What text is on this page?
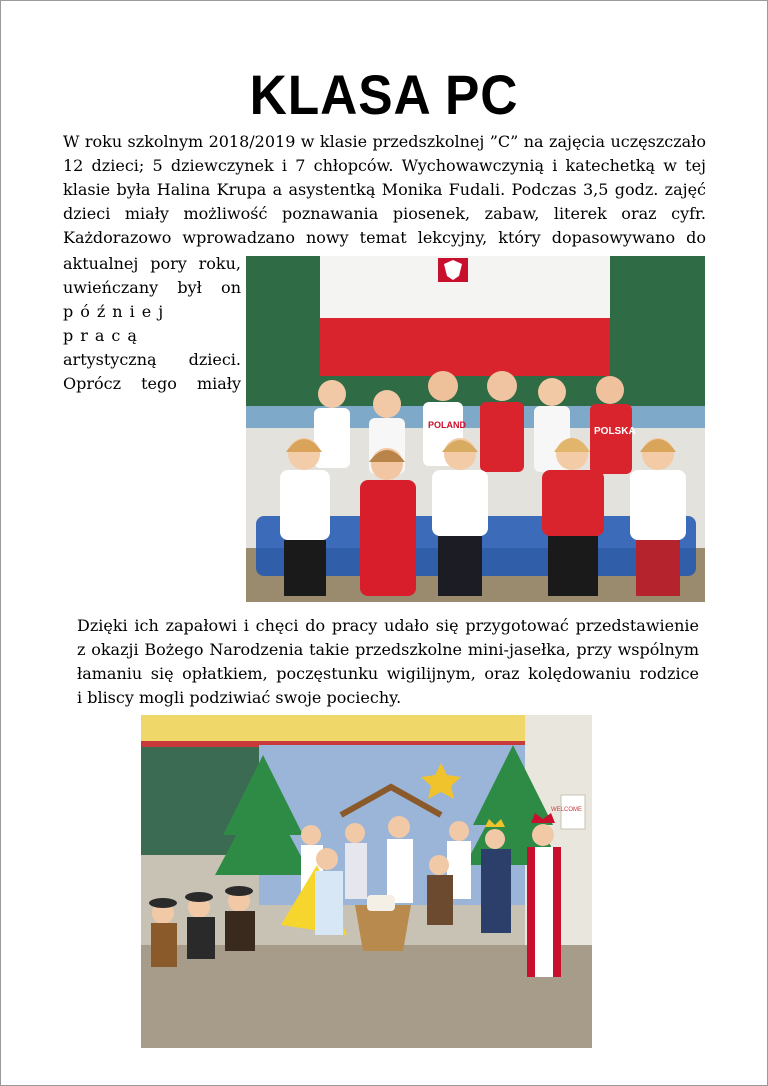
KLASA PC
W roku szkolnym 2018/2019 w klasie przedszkolnej ”C” na zajęcia uczęszczało
12 dzieci; 5 dziewczynek i 7 chłopców. Wychowawczynią i katechetką w tej
klasie była Halina Krupa a asystentką Monika Fudali. Podczas 3,5 godz. zajęć
dzieci miały możliwość poznawania piosenek, zabaw, literek oraz cyfr.
Każdorazowo wprowadzano nowy temat lekcyjny, który dopasowywano do
aktualnej pory roku,
uwieńczany był on
później pracą
artystyczną dzieci.
Oprócz tego miały
POLAND
POLSKA
Dzięki ich zapałowi i chęci do pracy udało się przygotować przedstawienie
z okazji Bożego Narodzenia takie przedszkolne mini-jasełka, przy wspólnym
łamaniu się opłatkiem, poczęstunku wigilijnym, oraz kolędowaniu rodzice
i bliscy mogli podziwiać swoje pociechy.
WELCOME
